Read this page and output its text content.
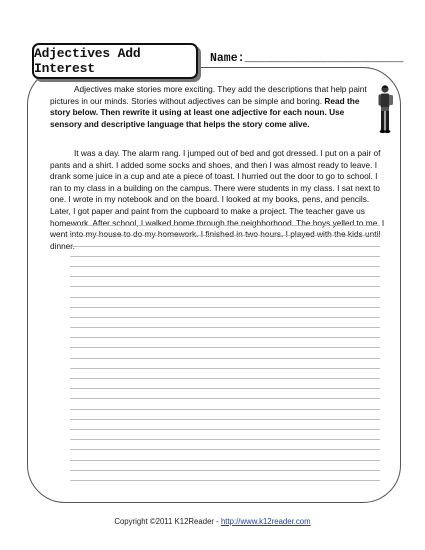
Adjectives Add Interest
Name:_______________________

Adjectives make stories more exciting. They add the descriptions that help paint pictures in our minds. Stories without adjectives can be simple and boring. Read the story below. Then rewrite it using at least one adjective for each noun. Use sensory and descriptive language that helps the story come alive.

It was a day. The alarm rang. I jumped out of bed and got dressed. I put on a pair of pants and a shirt. I added some socks and shoes, and then I was almost ready to leave. I drank some juice in a cup and ate a piece of toast. I hurried out the door to go to school. I ran to my class in a building on the campus. There were students in my class. I sat next to one. I wrote in my notebook and on the board. I looked at my books, pens, and pencils. Later, I got paper and paint from the cupboard to make a project. The teacher gave us homework. After school, I walked home through the neighborhood. The boys yelled to me. I went into my house to do my homework. I finished in two hours. I played with the kids until dinner.

Copyright ©2011 K12Reader - http://www.k12reader.com
